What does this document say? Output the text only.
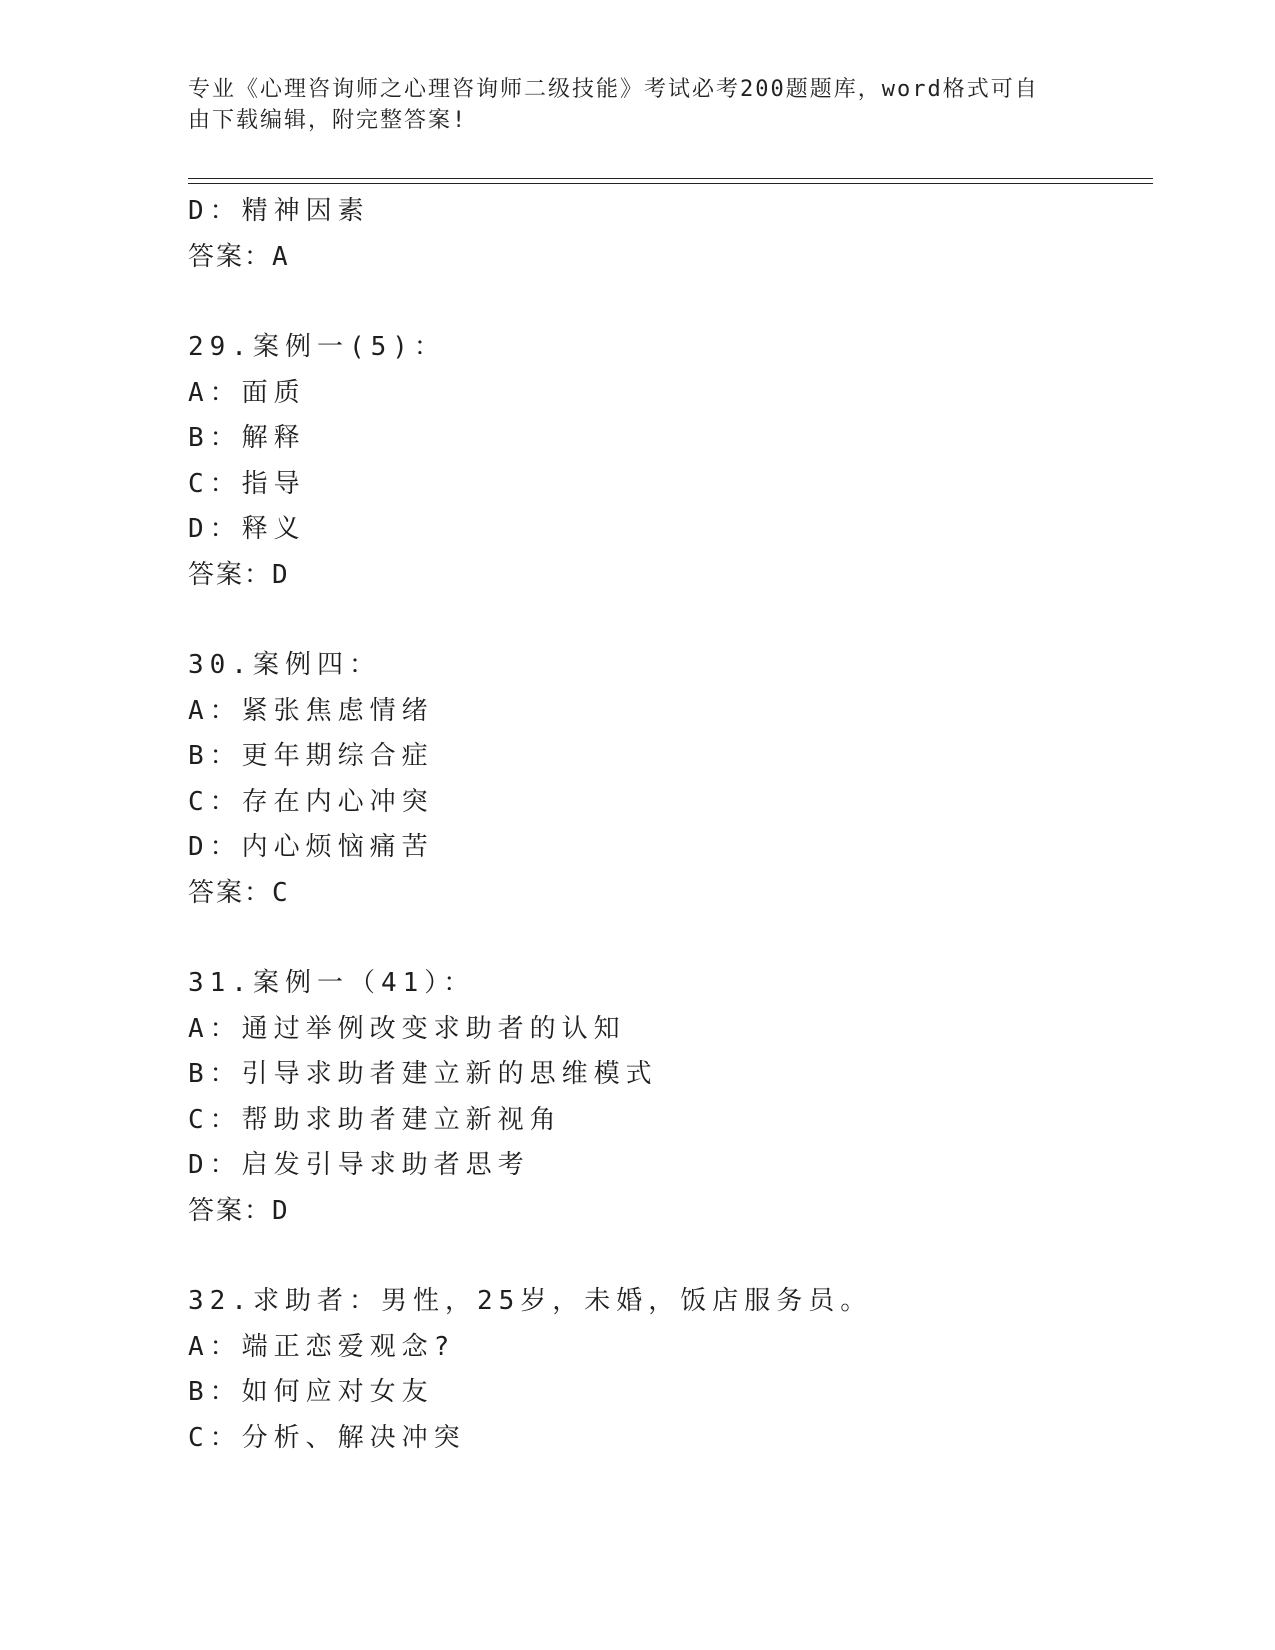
专业《心理咨询师之心理咨询师二级技能》考试必考200题题库，word格式可自
由下载编辑，附完整答案!
D：精神因素
答案：A
29.案例一(5)：
A：面质
B：解释
C：指导
D：释义
答案：D
30.案例四：
A：紧张焦虑情绪
B：更年期综合症
C：存在内心冲突
D：内心烦恼痛苦
答案：C
31.案例一（41）：
A：通过举例改变求助者的认知
B：引导求助者建立新的思维模式
C：帮助求助者建立新视角
D：启发引导求助者思考
答案：D
32.求助者：男性，25岁，未婚，饭店服务员。
A：端正恋爱观念?
B：如何应对女友
C：分析、解决冲突
